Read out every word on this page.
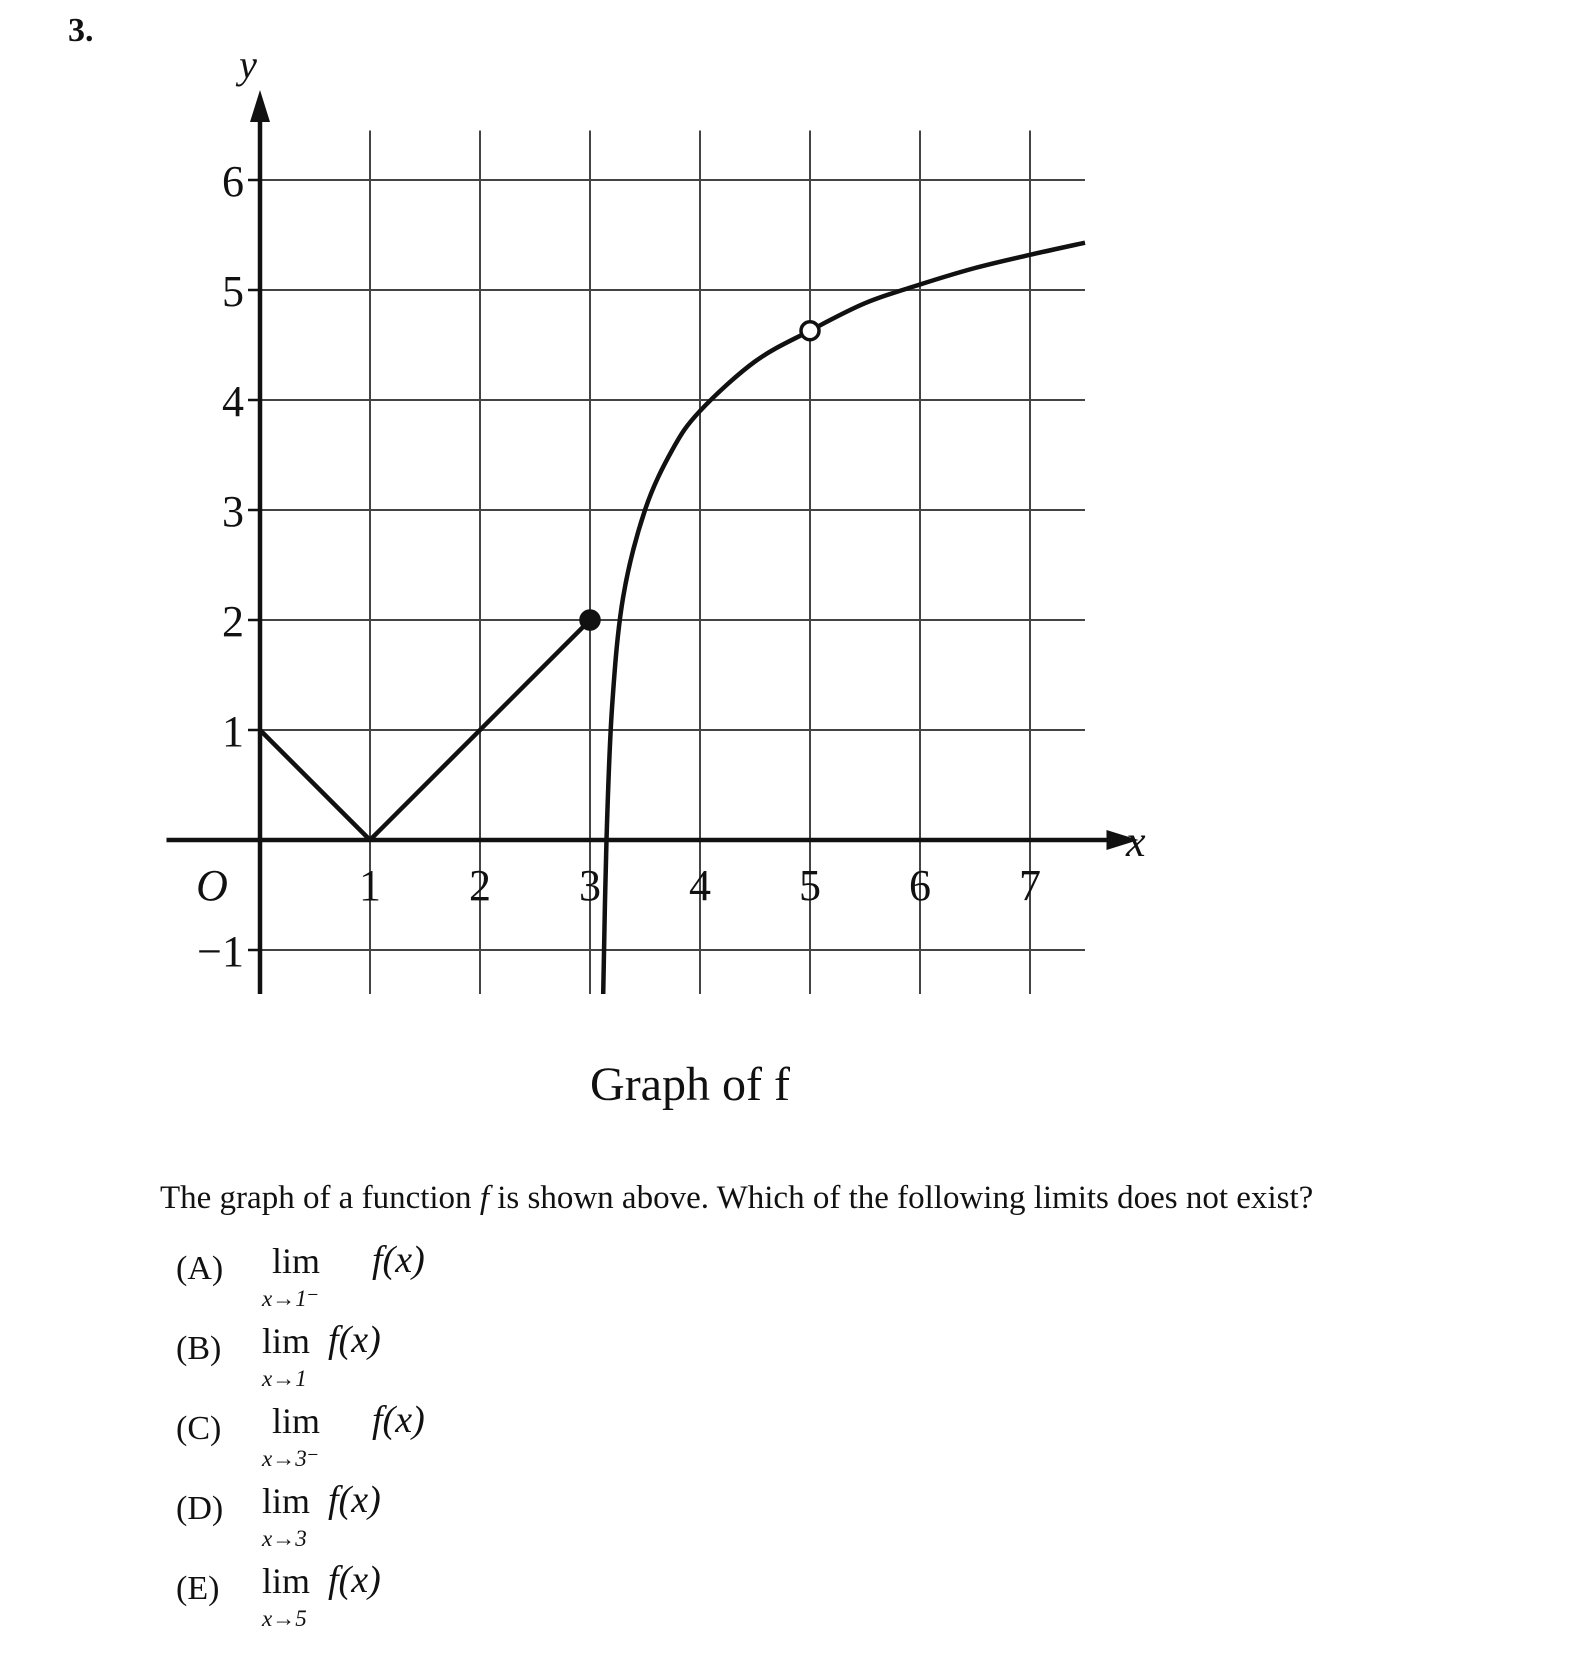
3.
−1
1
2
3
4
5
6
1 2 3 4 5 6 7
y
x
O
Graph of f
The graph of a function f is shown above. Which of the following limits does not exist?
(A) lim
x→1⁻
f(x)
(B) lim
x→1
f(x)
(C) lim
x→3⁻
f(x)
(D) lim
x→3
f(x)
(E) lim
x→5
f(x)
